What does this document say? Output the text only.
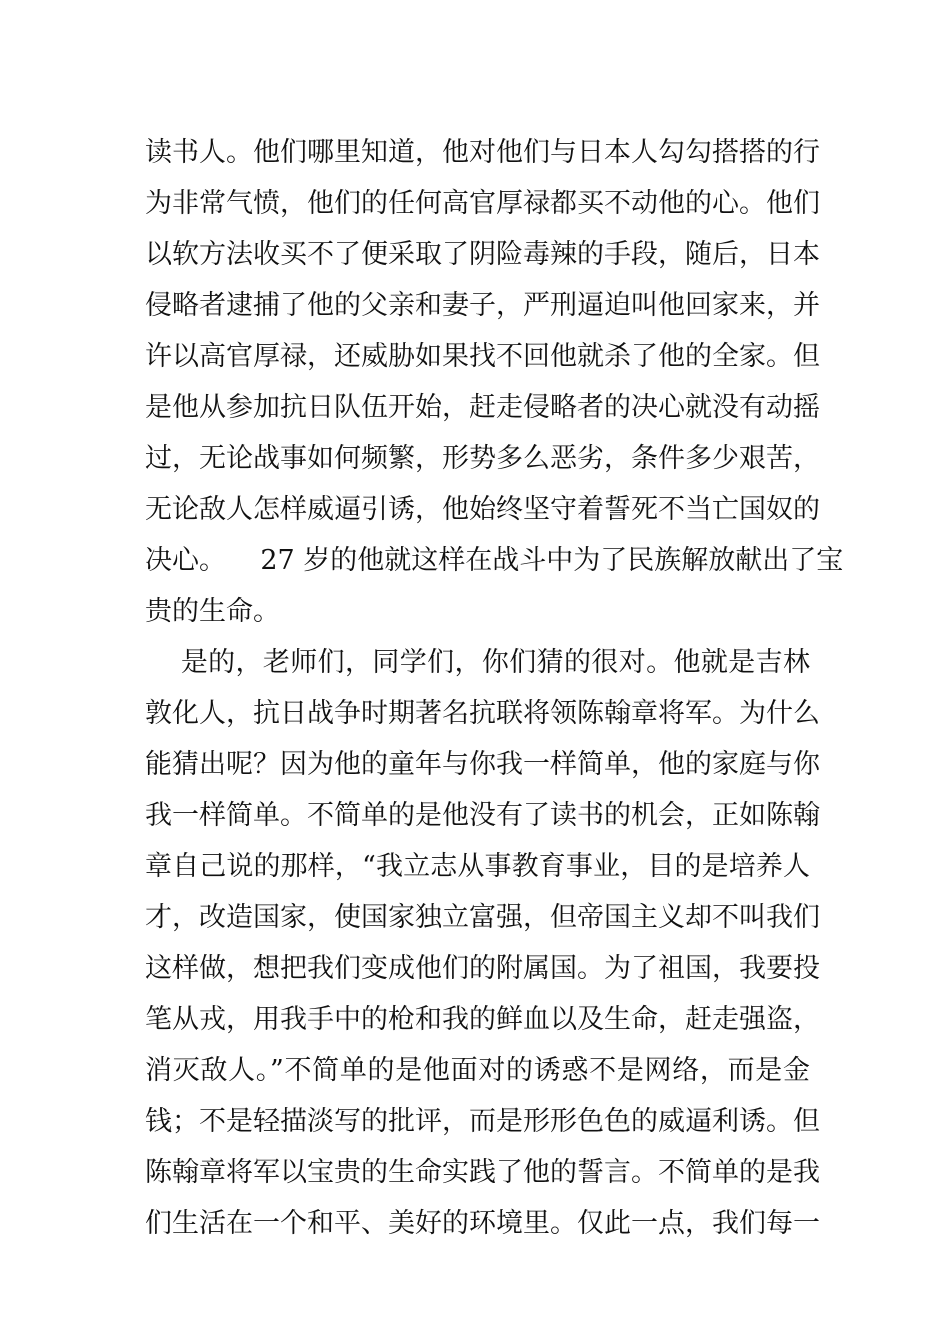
读书人。他们哪里知道，他对他们与日本人勾勾搭搭的行
为非常气愤，他们的任何高官厚禄都买不动他的心。他们
以软方法收买不了便采取了阴险毒辣的手段，随后，日本
侵略者逮捕了他的父亲和妻子，严刑逼迫叫他回家来，并
许以高官厚禄，还威胁如果找不回他就杀了他的全家。但
是他从参加抗日队伍开始，赶走侵略者的决心就没有动摇
过，无论战事如何频繁，形势多么恶劣，条件多少艰苦，
无论敌人怎样威逼引诱，他始终坚守着誓死不当亡国奴的
决心。    27 岁的他就这样在战斗中为了民族解放献出了宝
贵的生命。
是的，老师们，同学们，你们猜的很对。他就是吉林
敦化人，抗日战争时期著名抗联将领陈翰章将军。为什么
能猜出呢？因为他的童年与你我一样简单，他的家庭与你
我一样简单。不简单的是他没有了读书的机会，正如陈翰
章自己说的那样，“我立志从事教育事业，目的是培养人
才，改造国家，使国家独立富强，但帝国主义却不叫我们
这样做，想把我们变成他们的附属国。为了祖国，我要投
笔从戎，用我手中的枪和我的鲜血以及生命，赶走强盗，
消灭敌人。”不简单的是他面对的诱惑不是网络，而是金
钱；不是轻描淡写的批评，而是形形色色的威逼利诱。但
陈翰章将军以宝贵的生命实践了他的誓言。不简单的是我
们生活在一个和平、美好的环境里。仅此一点，我们每一
